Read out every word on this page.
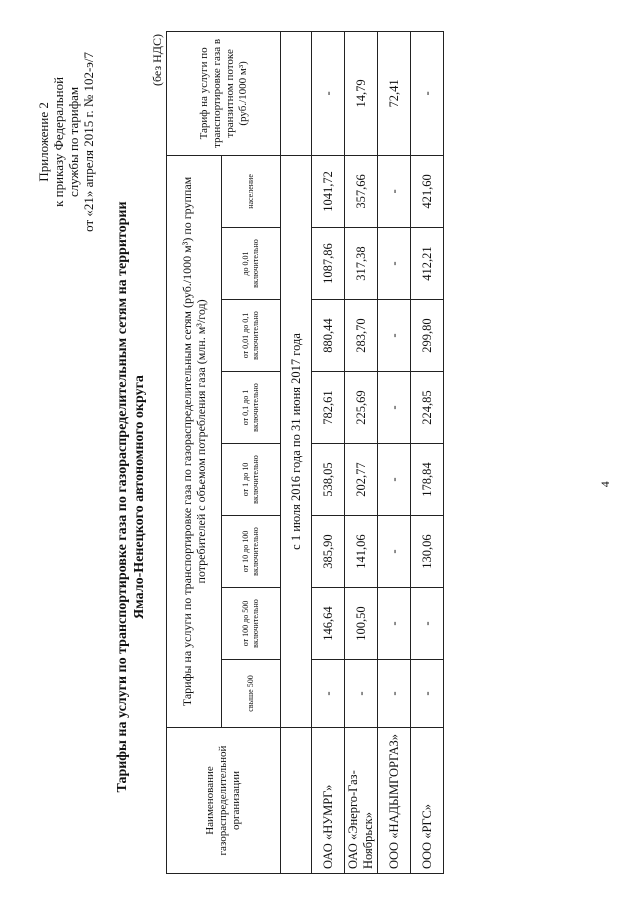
Приложение 2 к приказу Федеральной службы по тарифам от «21» апреля 2015 г. № 102-э/7
Тарифы на услуги по транспортировке газа по газораспределительным сетям на территории Ямало-Ненецкого автономного округа
(без НДС)
Наименование газораспределительной организации	Тарифы на услуги по транспортировке газа по газораспределительным сетям (руб./1000 м³) по группам потребителей с объемом потребления газа (млн. м³/год)								Тариф на услуги по транспортировке газа в транзитном потоке (руб./1000 м³)
	свыше 500	от 100 до 500 включительно	от 10 до 100 включительно	от 1 до 10 включительно	от 0,1 до 1 включительно	от 0,01 до 0,1 включительно	до 0,01 включительно	население	
	с 1 июля 2016 года по 31 июня 2017 года								
ОАО «НУМРГ»	-	146,64	385,90	538,05	782,61	880,44	1087,86	1041,72	-
ОАО «Энерго-Газ-Ноябрьск»	-	100,50	141,06	202,77	225,69	283,70	317,38	357,66	14,79
ООО «НАДЫМГОРГАЗ»	-	-	-	-	-	-	-	-	72,41
ООО «РГС»	-	-	130,06	178,84	224,85	299,80	412,21	421,60	-
4
